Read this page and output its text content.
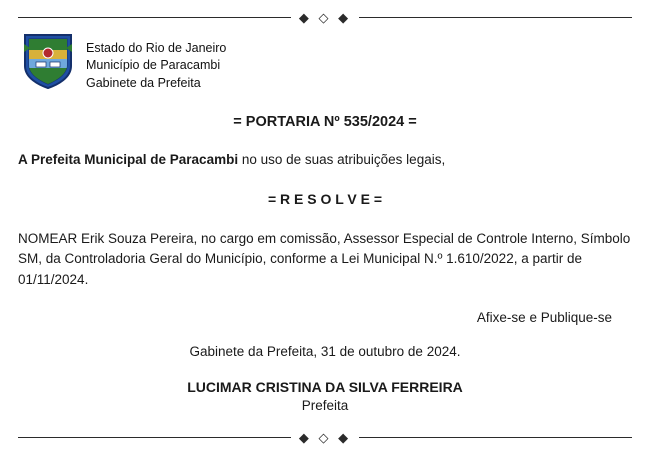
◆ ◇ ◆
Estado do Rio de Janeiro
Município de Paracambi
Gabinete da Prefeita
= PORTARIA Nº 535/2024 =

A Prefeita Municipal de Paracambi no uso de suas atribuições legais,

= R E S O L V E =

NOMEAR Erik Souza Pereira, no cargo em comissão, Assessor Especial de Controle Interno, Símbolo SM, da Controladoria Geral do Município, conforme a Lei Municipal N.º 1.610/2022, a partir de 01/11/2024.

Afixe-se e Publique-se
Gabinete da Prefeita, 31 de outubro de 2024.
LUCIMAR CRISTINA DA SILVA FERREIRA
Prefeita
◆ ◇ ◆
